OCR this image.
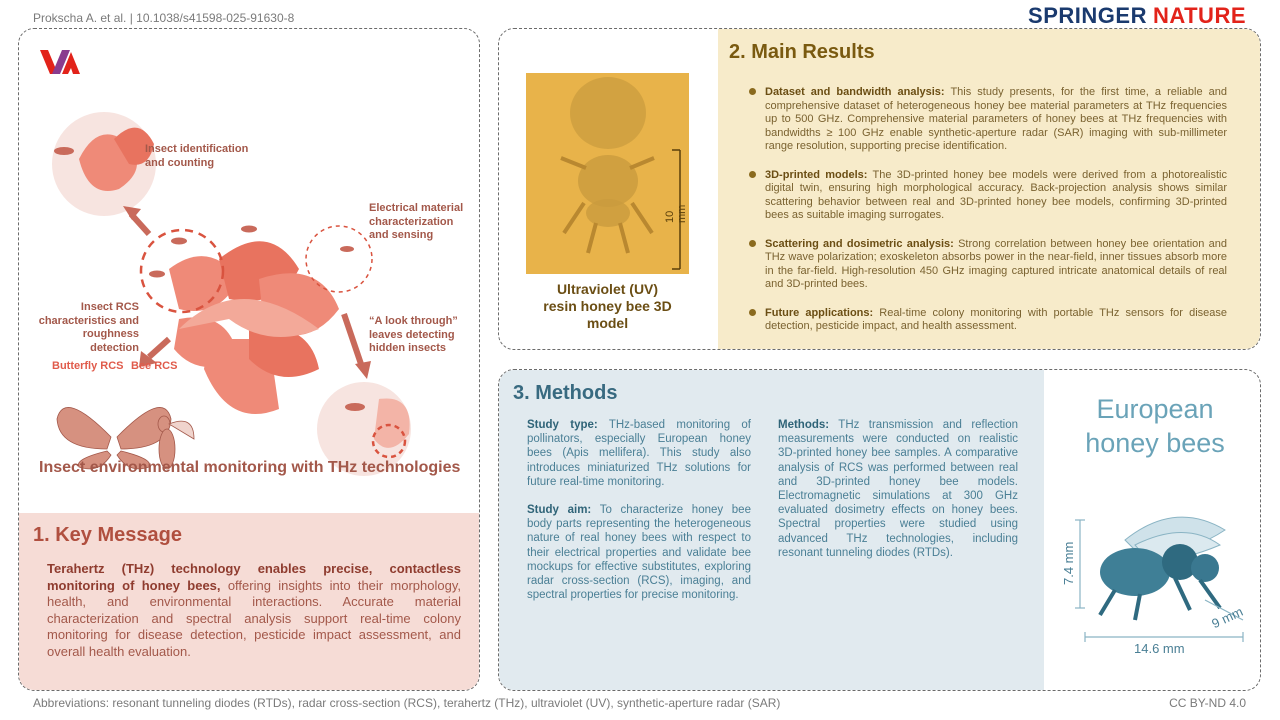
Prokscha A. et al. | 10.1038/s41598-025-91630-8	SPRINGER NATURE
Insect identification
and counting
Electrical material
characterization
and sensing
Insect RCS
characteristics and
roughness detection
“A look through”
leaves detecting
hidden insects
Butterfly RCS Bee RCS
Insect environmental monitoring with THz technologies
1. Key Message
Terahertz (THz) technology enables precise, contactless monitoring of honey bees, offering insights into their morphology, health, and environmental interactions. Accurate material characterization and spectral analysis support real-time colony monitoring for disease detection, pesticide impact assessment, and overall health evaluation.
10 mm
Ultraviolet (UV)
resin honey bee 3D
model
2. Main Results
Dataset and bandwidth analysis: This study presents, for the first time, a reliable and comprehensive dataset of heterogeneous honey bee material parameters at THz frequencies up to 500 GHz. Comprehensive material parameters of honey bees at THz frequencies with bandwidths ≥ 100 GHz enable synthetic-aperture radar (SAR) imaging with sub-millimeter range resolution, supporting precise identification.
3D-printed models: The 3D-printed honey bee models were derived from a photorealistic digital twin, ensuring high morphological accuracy. Back-projection analysis shows similar scattering behavior between real and 3D-printed honey bee models, confirming 3D-printed bees as suitable imaging surrogates.
Scattering and dosimetric analysis: Strong correlation between honey bee orientation and THz wave polarization; exoskeleton absorbs power in the near-field, inner tissues absorb more in the far-field. High-resolution 450 GHz imaging captured intricate anatomical details of real and 3D-printed bees.
Future applications: Real-time colony monitoring with portable THz sensors for disease detection, pesticide impact, and health assessment.
3. Methods

Study type: THz-based monitoring of pollinators, especially European honey bees (Apis mellifera). This study also introduces miniaturized THz solutions for future real-time monitoring.

Study aim: To characterize honey bee body parts representing the heterogeneous nature of real honey bees with respect to their electrical properties and validate bee mockups for effective substitutes, exploring radar cross-section (RCS), imaging, and spectral properties for precise monitoring.

Methods: THz transmission and reflection measurements were conducted on realistic 3D-printed honey bee samples. A comparative analysis of RCS was performed between real and 3D-printed honey bee models. Electromagnetic simulations at 300 GHz evaluated dosimetry effects on honey bees. Spectral properties were studied using advanced THz technologies, including resonant tunneling diodes (RTDs).

European
honey bees
7.4 mm
9 mm
14.6 mm
Abbreviations: resonant tunneling diodes (RTDs), radar cross-section (RCS), terahertz (THz), ultraviolet (UV), synthetic-aperture radar (SAR)	CC BY-ND 4.0
